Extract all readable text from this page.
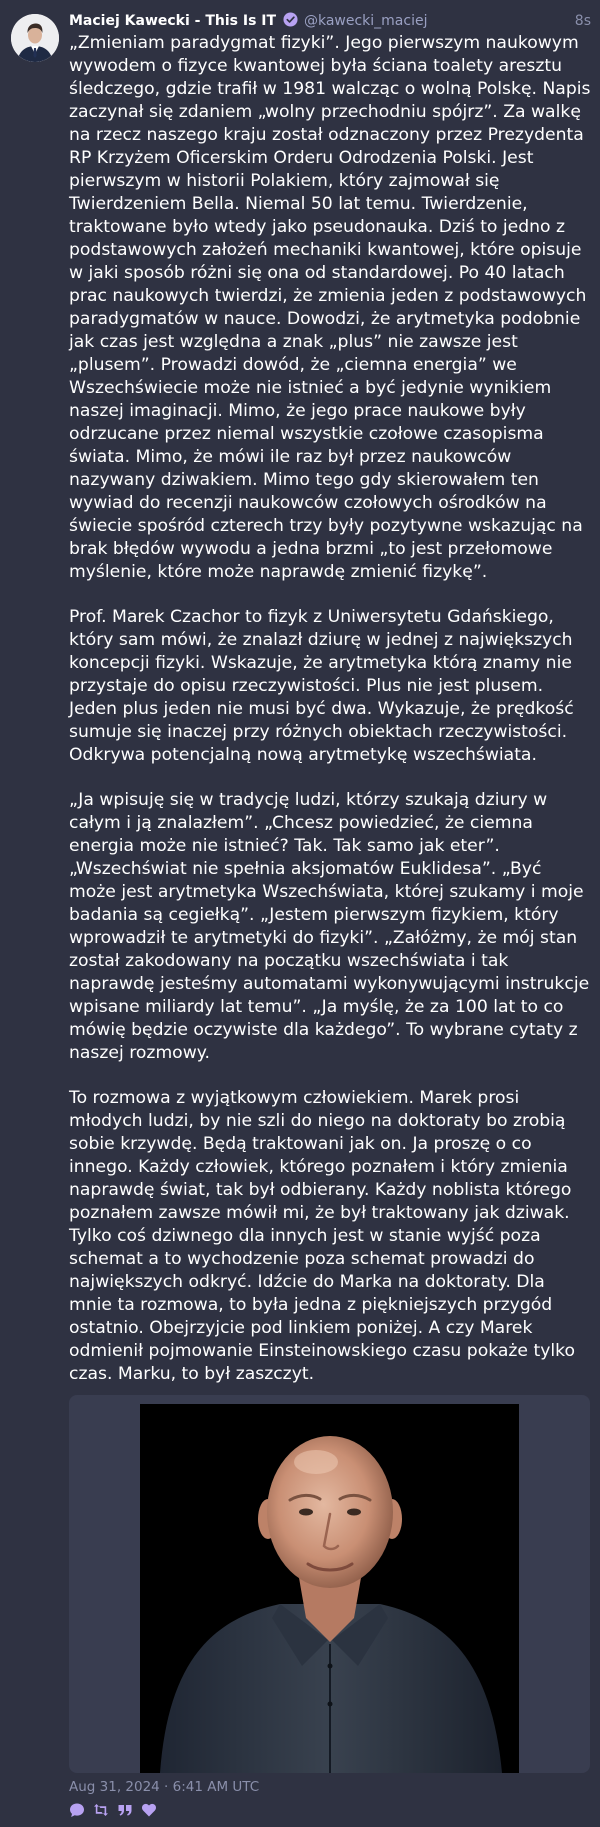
Maciej Kawecki - This Is IT @kawecki_maciej	8s

„Zmieniam paradygmat fizyki”. Jego pierwszym naukowym wywodem o fizyce kwantowej była ściana toalety aresztu śledczego, gdzie trafił w 1981 walcząc o wolną Polskę. Napis zaczynał się zdaniem „wolny przechodniu spójrz”. Za walkę na rzecz naszego kraju został odznaczony przez Prezydenta RP Krzyżem Oficerskim Orderu Odrodzenia Polski. Jest pierwszym w historii Polakiem, który zajmował się Twierdzeniem Bella. Niemal 50 lat temu. Twierdzenie, traktowane było wtedy jako pseudonauka. Dziś to jedno z podstawowych założeń mechaniki kwantowej, które opisuje w jaki sposób różni się ona od standardowej. Po 40 latach prac naukowych twierdzi, że zmienia jeden z podstawowych paradygmatów w nauce. Dowodzi, że arytmetyka podobnie jak czas jest względna a znak „plus” nie zawsze jest „plusem”. Prowadzi dowód, że „ciemna energia” we Wszechświecie może nie istnieć a być jedynie wynikiem naszej imaginacji. Mimo, że jego prace naukowe były odrzucane przez niemal wszystkie czołowe czasopisma świata. Mimo, że mówi ile raz był przez naukowców nazywany dziwakiem. Mimo tego gdy skierowałem ten wywiad do recenzji naukowców czołowych ośrodków na świecie spośród czterech trzy były pozytywne wskazując na brak błędów wywodu a jedna brzmi „to jest przełomowe myślenie, które może naprawdę zmienić fizykę”.

Prof. Marek Czachor to fizyk z Uniwersytetu Gdańskiego, który sam mówi, że znalazł dziurę w jednej z największych koncepcji fizyki. Wskazuje, że arytmetyka którą znamy nie przystaje do opisu rzeczywistości. Plus nie jest plusem. Jeden plus jeden nie musi być dwa. Wykazuje, że prędkość sumuje się inaczej przy różnych obiektach rzeczywistości. Odkrywa potencjalną nową arytmetykę wszechświata.

„Ja wpisuję się w tradycję ludzi, którzy szukają dziury w całym i ją znalazłem”. „Chcesz powiedzieć, że ciemna energia może nie istnieć? Tak. Tak samo jak eter”. „Wszechświat nie spełnia aksjomatów Euklidesa”. „Być może jest arytmetyka Wszechświata, której szukamy i moje badania są cegiełką”. „Jestem pierwszym fizykiem, który wprowadził te arytmetyki do fizyki”. „Załóżmy, że mój stan został zakodowany na początku wszechświata i tak naprawdę jesteśmy automatami wykonywującymi instrukcje wpisane miliardy lat temu”. „Ja myślę, że za 100 lat to co mówię będzie oczywiste dla każdego”. To wybrane cytaty z naszej rozmowy.

To rozmowa z wyjątkowym człowiekiem. Marek prosi młodych ludzi, by nie szli do niego na doktoraty bo zrobią sobie krzywdę. Będą traktowani jak on. Ja proszę o co innego. Każdy człowiek, którego poznałem i który zmienia naprawdę świat, tak był odbierany. Każdy noblista którego poznałem zawsze mówił mi, że był traktowany jak dziwak. Tylko coś dziwnego dla innych jest w stanie wyjść poza schemat a to wychodzenie poza schemat prowadzi do największych odkryć. Idźcie do Marka na doktoraty. Dla mnie ta rozmowa, to była jedna z piękniejszych przygód ostatnio. Obejrzyjcie pod linkiem poniżej. A czy Marek odmienił pojmowanie Einsteinowskiego czasu pokaże tylko czas. Marku, to był zaszczyt.

Aug 31, 2024 · 6:41 AM UTC
